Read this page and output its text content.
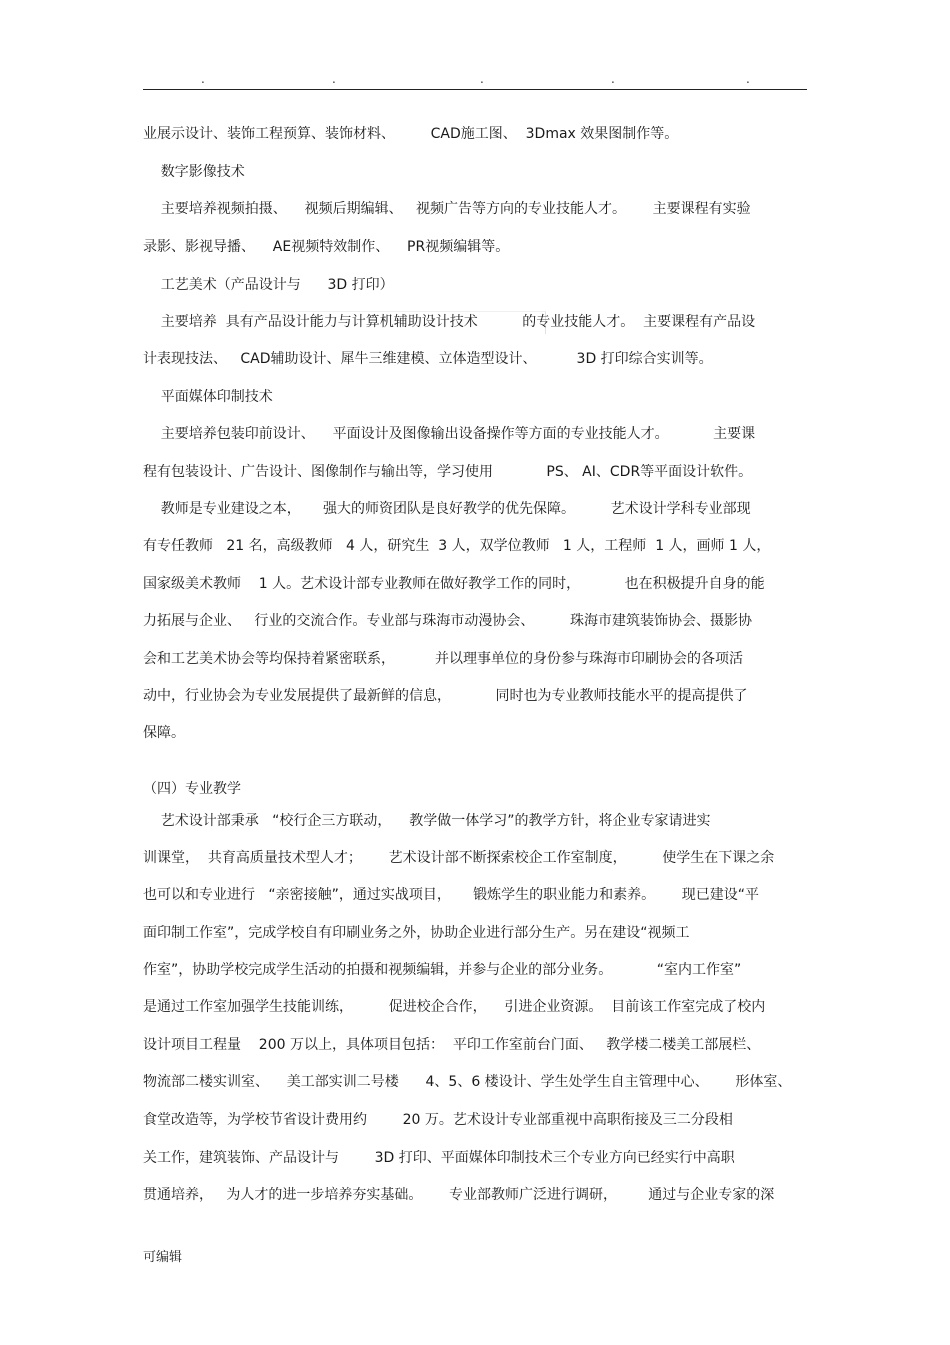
.	.	.	.	.
业展示设计、装饰工程预算、装饰材料、        CAD施工图、  3Dmax 效果图制作等。
数字影像技术
主要培养视频拍摄、    视频后期编辑、   视频广告等方向的专业技能人才。      主要课程有实验
录影、影视导播、    AE视频特效制作、    PR视频编辑等。
工艺美术（产品设计与      3D 打印）
主要培养  具有产品设计能力与计算机辅助设计技术          的专业技能人才。  主要课程有产品设
计表现技法、   CAD辅助设计、犀牛三维建模、立体造型设计、         3D 打印综合实训等。
平面媒体印制技术
主要培养包装印前设计、    平面设计及图像输出设备操作等方面的专业技能人才。          主要课
程有包装设计、广告设计、图像制作与输出等，学习使用            PS、 AI、CDR等平面设计软件。
教师是专业建设之本，     强大的师资团队是良好教学的优先保障。        艺术设计学科专业部现
有专任教师   21 名，高级教师   4 人，研究生  3 人，双学位教师   1 人，工程师  1 人，画师 1 人，
国家级美术教师    1 人。艺术设计部专业教师在做好教学工作的同时，          也在积极提升自身的能
力拓展与企业、   行业的交流合作。专业部与珠海市动漫协会、        珠海市建筑装饰协会、摄影协
会和工艺美术协会等均保持着紧密联系，         并以理事单位的身份参与珠海市印刷协会的各项活
动中，行业协会为专业发展提供了最新鲜的信息，          同时也为专业教师技能水平的提高提供了
保障。
（四）专业教学
艺术设计部秉承   “校行企三方联动，    教学做一体学习”的教学方针，将企业专家请进实
训课堂，  共育高质量技术型人才；      艺术设计部不断探索校企工作室制度，        使学生在下课之余
也可以和专业进行   “亲密接触”，通过实战项目，     锻炼学生的职业能力和素养。      现已建设“平
面印制工作室”，完成学校自有印刷业务之外，协助企业进行部分生产。另在建设“视频工
作室”，协助学校完成学生活动的拍摄和视频编辑，并参与企业的部分业务。          “室内工作室”
是通过工作室加强学生技能训练，        促进校企合作，    引进企业资源。  目前该工作室完成了校内
设计项目工程量    200 万以上，具体项目包括：  平印工作室前台门面、   教学楼二楼美工部展栏、
物流部二楼实训室、    美工部实训二号楼      4、5、6 楼设计、学生处学生自主管理中心、      形体室、
食堂改造等，为学校节省设计费用约        20 万。艺术设计专业部重视中高职衔接及三二分段相
关工作，建筑装饰、产品设计与        3D 打印、平面媒体印制技术三个专业方向已经实行中高职
贯通培养，   为人才的进一步培养夯实基础。      专业部教师广泛进行调研，       通过与企业专家的深
可编辑
